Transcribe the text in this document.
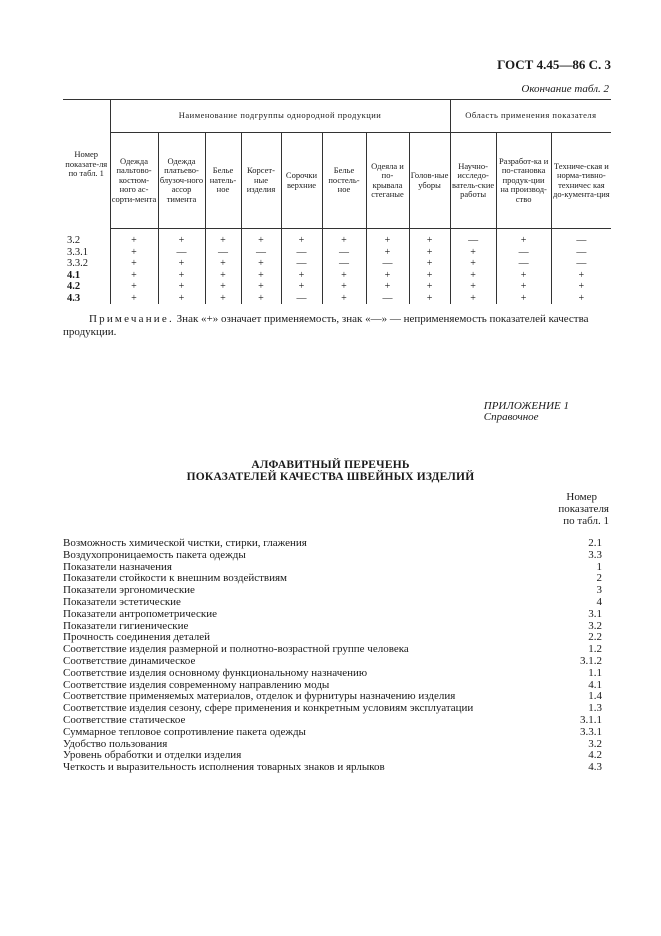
ГОСТ 4.45—86 С. 3
Окончание табл. 2
Номер показате-ля по табл. 1	Наименование подгруппы однородной продукции								Область применения показателя		
	Одежда пальтово-костюм-ного ас-сорти-мента	Одежда платьево-блузоч-ного ассор тимента	Белье натель-ное	Корсет-ные изделия	Сорочки верхние	Белье постель-ное	Одеяла и по-крывала стеганые	Голов-ные уборы	Научно-исследо-ватель-ские работы	Разработ-ка и по-становка продук-ции на производ-ство	Техниче-ская и норма-тивно-техничес кая до-кумента-ция
3.2	+	+	+	+	+	+	+	+	—	+	—
3.3.1	+	—	—	—	—	—	+	+	+	—	—
3.3.2	+	+	+	+	—	—	—	+	+	—	—
4.1	+	+	+	+	+	+	+	+	+	+	+
4.2	+	+	+	+	+	+	+	+	+	+	+
4.3	+	+	+	+	—	+	—	+	+	+	+
Примечание. Знак «+» означает применяемость, знак «—» — неприменяемость показателей качества продукции.
ПРИЛОЖЕНИЕ 1
Справочное
АЛФАВИТНЫЙ ПЕРЕЧЕНЬ
ПОКАЗАТЕЛЕЙ КАЧЕСТВА ШВЕЙНЫХ ИЗДЕЛИЙ
Номер
показателя
по табл. 1
Возможность химической чистки, стирки, глажения	2.1
Воздухопроницаемость пакета одежды	3.3
Показатели назначения	1
Показатели стойкости к внешним воздействиям	2
Показатели эргономические	3
Показатели эстетические	4
Показатели антропометрические	3.1
Показатели гигиенические	3.2
Прочность соединения деталей	2.2
Соответствие изделия размерной и полнотно-возрастной группе человека	1.2
Соответствие динамическое	3.1.2
Соответствие изделия основному функциональному назначению	1.1
Соответствие изделия современному направлению моды	4.1
Соответствие применяемых материалов, отделок и фурнитуры назначению изделия	1.4
Соответствие изделия сезону, сфере применения и конкретным условиям эксплуатации	1.3
Соответствие статическое	3.1.1
Суммарное тепловое сопротивление пакета одежды	3.3.1
Удобство пользования	3.2
Уровень обработки и отделки изделия	4.2
Четкость и выразительность исполнения товарных знаков и ярлыков	4.3
